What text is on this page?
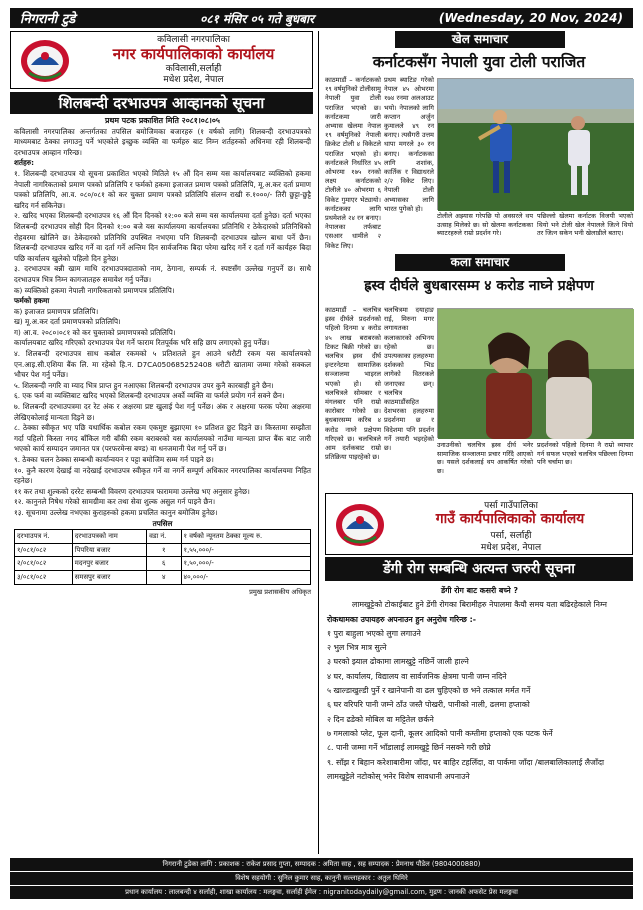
निगरानी टुडे	०८१ मंसिर ०५ गते बुधबार	(Wednesday, 20 Nov, 2024)
कविलासी नगरपालिका
नगर कार्यपालिकाको कार्यालय
कविलासी,सर्लाही
मधेश प्रदेश, नेपाल
शिलबन्दी दरभाउपत्र आव्हानको सूचना

प्रथम पटक प्रकाशित मिति २०८१।०८।०५

कविलासी नगरपालिका अन्तर्गतका तपसिल बमोजिमका बजारहरु (१ वर्षको लागि) शिलबन्दी दरभाउपत्रको माध्यमबाट ठेक्का लगाउनु पर्ने भएकोले इच्छुक व्यक्ति वा फर्महरु बाट निम्न शर्तहरुको अधिनमा रही शिलबन्दी दरभाउपत्र आव्हान गरिन्छ।

शर्तहरु:

१. शिलबन्दी दरभाउपत्र यो सूचना प्रकाशित भएको मितिले १५ औं दिन सम्म यस कार्यालयबाट व्यक्तिको हकमा नेपाली नागरिकताको प्रमाण पत्रको प्रतिलिपि र फर्मको हकमा इजाजत प्रमाण पत्रको प्रतिलिपि, मू.अ.कर दर्ता प्रमाण पत्रको प्रतिलिपि, आ.व. ०८०/०८१ को कर चुक्ता प्रमाण पत्रको प्रतिलिपि संलग्न राखी रु.१०००/- तिरी छुट्टा-छुट्टै खरिद गर्न सकिनेछ।

२. खरिद भएका शिलबन्दी दरभाउपत्र १६ औं दिन दिनको १२:०० बजे सम्म यस कार्यालयमा दर्ता हुनेछ। दर्ता भएका शिलबन्दी दरभाउपत्र सोही दिन दिनको १:०० बजे यस कार्यालयमा कार्यालयका प्रतिनिधि र ठेकेदारको प्रतिनिधिको रोहवरमा खोलिने छ। ठेकेदारको प्रतिनिधि उपस्थित नभएमा पनि शिलबन्दी दरभाउपत्र खोल्न बाधा पर्ने छैन। शिलबन्दी दरभाउपत्र खरिद गर्ने वा दर्ता गर्ने अन्तिम दिन सार्वजनिक बिदा परेमा खरिद गर्ने र दर्ता गर्ने कार्यहरु बिदा पछि कार्यालय खुलेको पहिलो दिन हुनेछ।

३. दरभाउपत्र बन्नी खाम माथि दरभाउपत्रदाताको नाम, ठेगाना, सम्पर्क नं. स्पष्टसँग उल्लेख गनुपर्ने छ। साथै दरभाउपत्र भित्र निम्न कागजातहरु समावेश गर्नु पर्नेछ।

क) व्यक्तिको हकमा नेपाली नागरिकताको प्रमाणपत्र प्रतिलिपि।

फर्मको हकमा

क) इजाजत प्रमाणपत्र प्रतिलिपि।

ख) मू.अ.कर दर्ता प्रमाणपत्रको प्रतिलिपि।

ग) आ.व. २०८०।०८१ को कर चुक्ताको प्रमाणपत्रको प्रतिलिपि।

कार्यालयबाट खरिद गरिएको दरभाउपत्र पेश गर्ने फाराम रितपूर्वक भरि सहि छाप लगाएको हुनु पर्नेछ।

४. शिलबन्दी दरभाउपत्र साथ कबोल रकमको ५ प्रतिशतले हुन आउने धरौटी रकम यस कार्यालयको एन.आइ.सी.एशिया बैंक लि. मा रहेको हि.न. D7CA050685252408 धरौटी खातामा जम्मा गरेको सक्कल भौचर पेश गर्नु पर्नेछ।

५. शिलबन्दी नगरि वा म्याद भित्र प्राप्त हुन नआएका शिलबन्दी दरभाउपत्र उपर कुनै कारबाही हुने छैन।

६. एक फर्म वा व्यक्तिबाट खरिद भएको शिलबन्दी दरभाउपत्र अर्को व्यक्ति वा फर्मले प्रयोग गर्न सक्ने छैन।

७. शिलबन्दी दरभाउपत्रमा दर रेट अंक र अक्षरमा प्रष्ट खुलाई पेश गर्नु पर्नेछ। अंक र अक्षरमा फरक परेमा अक्षरमा लेखिएकोलाई मान्यता दिइने छ।

८. ठेक्का स्वीकृत भए पछि यथार्थिक कबोल रकम एकमुष्ट बुझाएमा १० प्रतिशत छुट दिइने छ। किस्तामा सम्झौता गर्दा पहिलो किस्ता नगद बाँकिल गरी बाँकी रकम बराबरको यस कार्यालयको नाउँमा मान्यता प्राप्त बैंक बाट जारी भएको कार्य सम्पादन जमानत पत्र (परफरमेन्स बण्ड) वा धनजमानी पेश गर्नु पर्ने छ।

९. ठेक्का चलन ठेक्का सम्बन्धी कार्यान्वयन र पट्टा बमोजिम सम्म गर्न पाइने छ।

१०. कुनै कारण देखाई वा नदेखाई दरभाउपत्र स्वीकृत गर्ने वा नगर्ने सम्पूर्ण अधिकार नगरपालिका कार्यालयमा निहित रहनेछ।

११ कर तथा शुल्कको दररेट सम्बन्धी विवरण दरभाउपत्र फाराममा उल्लेख भए अनुसार हुनेछ।

१२. कानुनले निषेध गरेको सामग्रीमा कर तथा सेवा शुल्क असुल गर्न पाइने छैन।

१३. सूचनामा उल्लेख नभएका कुराहरुको हकमा प्रचलित कानुन बमोजिम हुनेछ।

तपसिल

दरभाउपत्र नं.	दरभाउपत्रको नाम	वडा नं.	१ वर्षको न्यूनतम ठेक्का मूल्य रु.
१/०८१/०८२	पिपरिया बजार	१	१,५५,०००/-
२/०८१/०८२	मदनपुर बजार	६	१,५०,०००/-
३/०८१/०८२	समसपुर बजार	४	४०,०००/-

प्रमुख प्रशासकीय अधिकृत

खेल समाचार
कर्नाटकसँग नेपाली युवा टोली पराजित
काठमाडौं – कर्नाटकको १९ वर्षमुनिको टोलीसामु नेपाली युवा टोली पराजित भएको छ। कर्नाटकमा जारी अभ्यास खेलमा नेपाल १९ वर्षमुनिको नेपाली क्रिकेट टोली ४ विकेटले पराजित भएको हो। कर्नाटकले निर्धारित ४५ ओभरमा १७५ रनको लक्ष्य कर्नाटकको टोलीले ४० ओभरमा ६ विकेट गुमाएर भेट्यायो। कर्नाटकका लागि प्रथमेशले २४ रन बनाए। नेपालका तर्फबाट एसआर धामीले २ विकेट लिए।
प्रथम ब्याटिङ गरेको नेपाल ४५ ओभरमा १७४ रनमा अलआउट भयो। नेपालको लागि कप्तान अर्जुन कुमालले ४९ रन बनाए। त्यसैगरी उत्तम थापा मगरले ३० रन बनाए। कर्नाटकका लागि शशांक, कार्तिक र विद्याधरले २/२ विकेट लिए। नेपाली टोली अभ्यासका लागि भारत पुगेको हो।
टोलीले अझ्यास गरेपछि यो अवसरले थप उत्साह मिलेको छ। सो खेलमा कर्नाटकका ब्याटरहरुले राम्रो प्रदर्शन गरे।
पछिल्लो खेलमा कर्नाटक विजयी भएको थियो भने टोली खेल नेपालले जित्ने थियो तर जित्न सकेन भनी खेलाडीले बताए।
कला समाचार
ह्रस्व दीर्घले बुधबारसम्म ४ करोड नाघ्ने प्रक्षेपण
काठमाडौं – चलचित्र ह्रस्व दीर्घले प्रदर्शनको पहिलो दिनमा ४ करोड ४५ लाख बराबरको टिकट बिक्री गरेको छ। चलचित्र ह्रस्व दीर्घ इन्टरनेटमा सामाजिक सञ्जालमा भाइरल भएको हो। सो चलचित्रले सोमबार र मंगलबार पनि राम्रो कारोबार गरेको छ। बुधबारसम्म करिब ४ करोड नाघ्ने प्रक्षेपण गरिएको छ। चलचित्रले आम दर्शकबाट राम्रो प्रतिक्रिया पाइरहेको छ।
चलचित्रमा दयाहाङ राई, मिरुना मगर लगायतका कलाकारको अभिनय रहेको छ। उपत्यकाका हलहरुमा दर्शकको भिड लागेको वितरकले जनाएका छन्। चलचित्र काठमाडौंसहित देशभरका हलहरुमा प्रदर्शनमा छ र विदेशमा पनि प्रदर्शन गर्ने तयारी भइरहेको छ।	उनाउनीको चलचित्र ह्रस्व दीर्घ भनेर सामाजिक सञ्जालमा प्रचार गरिँदै आएको छ। यसले दर्शकलाई थप आकर्षित गरेको छ।
प्रदर्शनको पहिलो दिनमा नै राम्रो व्यापार गर्न सफल भएको चलचित्र पछिल्ला दिनमा पनि चर्चामा छ।
पर्सा गाउँपालिका
गाउँ कार्यपालिकाको कार्यालय
पर्सा, सर्लाही
मधेश प्रदेश, नेपाल
डेंगी रोग सम्बन्धि अत्यन्त जरुरी सूचना
डेंगी रोग बाट कसरी बच्ने ?
लामखुट्टेको टोकाईबाट हुने डेंगी रोगका बिरामीहरु नेपालमा कैयौ समय यता बढिरहेकाले निम्न
रोकथामका उपायहरु अपनाउन हुन अनुरोध गरिन्छ :-
१ पुरा बाहुला भएको लुगा लगाउने
२ भुल भित्र मात्र सुत्ने
३ घरको झ्याल ढोकामा लामखुट्टे नछिर्ने जाली हाल्ने
४ घर, कार्यालय, विद्यालय वा सार्वजनिक क्षेत्रमा पानी जम्न नदिने
५ खाल्डाखुल्डी पुर्ने र खानेपानी वा ढल चुहिएको छ भने तत्काल मर्मत गर्ने
६ घर वरिपरि पानी जम्ने ठाँउ जस्तै पोखरी, पानीको नाली, ढलमा हप्ताको
२ दिन ढडेको मोबिल वा मट्टितेल छर्कने
७ गमलाको प्लेट, फूल दानी, कूलर आदिको पानी कम्तीमा हप्ताको एक पटक फेर्ने
८. पानी जम्मा गर्ने भाँडालाई लामखुट्टे छिर्न नसक्ने गरी छोप्ने
९. साँझ र बिहान करेशाबारीमा जाँदा, घर बाहिर टहलिँदा, वा पार्कमा जाँदा /बालबालिकालाई लैजाँदा लामखुट्टेले नटोकोस् भनेर विशेष सावधानी अपनाउने
निगरानी टुडेका लागि : प्रकाशक : राकेश प्रसाद गुप्ता, सम्पादक : अमिता साह , सह सम्पादक : प्रेमनाथ पौडेल (9804000880)
विशेष सहयोगी : सुनिल कुमार साह, कानुनी सल्लाहकार : अतुल थिमिरे
प्रधान कार्यालय : लालबन्दी ४ सर्लाही, शाखा कार्यालय : मलङ्गवा, सर्लाही ईमेल : nigranitodaydaily@gmail.com, मुद्रण : जानकी अफसेट प्रेस मलङ्गवा
